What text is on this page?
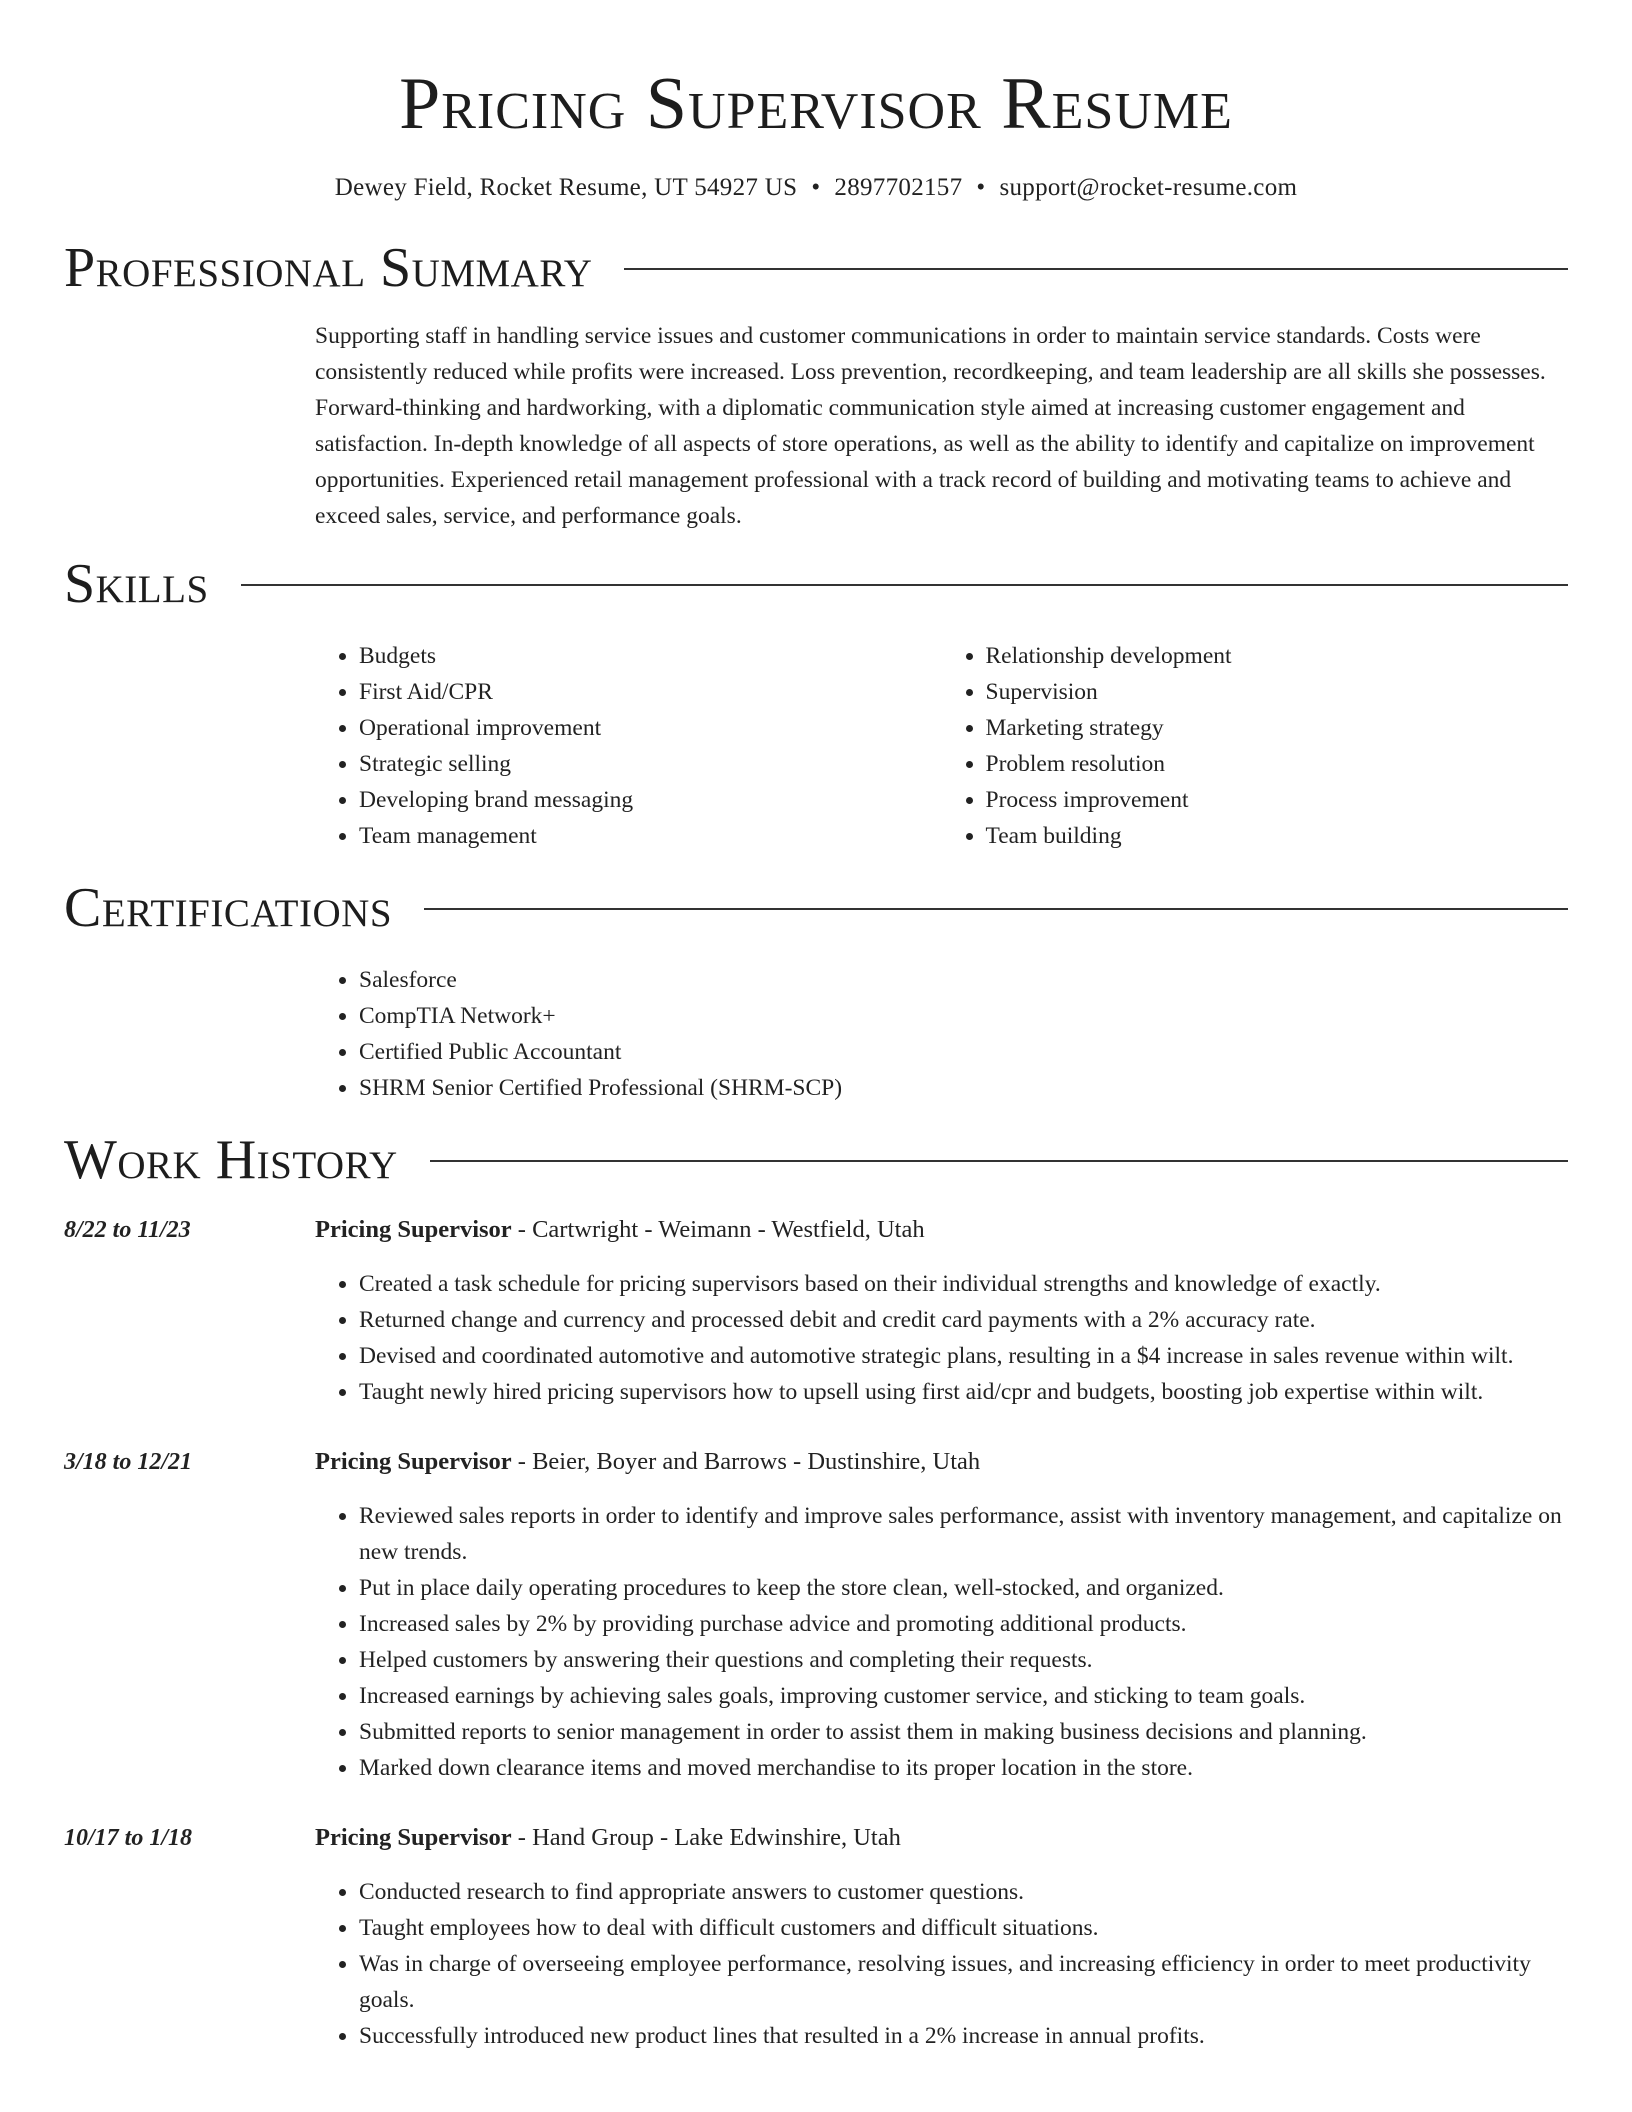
Pricing Supervisor Resume
Dewey Field, Rocket Resume, UT 54927 US • 2897702157 • support@rocket-resume.com
Professional Summary

Supporting staff in handling service issues and customer communications in order to maintain service standards. Costs were consistently reduced while profits were increased. Loss prevention, recordkeeping, and team leadership are all skills she possesses. Forward-thinking and hardworking, with a diplomatic communication style aimed at increasing customer engagement and satisfaction. In-depth knowledge of all aspects of store operations, as well as the ability to identify and capitalize on improvement opportunities. Experienced retail management professional with a track record of building and motivating teams to achieve and exceed sales, service, and performance goals.

Skills
• Budgets
• First Aid/CPR
• Operational improvement
• Strategic selling
• Developing brand messaging
• Team management
• Relationship development
• Supervision
• Marketing strategy
• Problem resolution
• Process improvement
• Team building
Certifications
• Salesforce
• CompTIA Network+
• Certified Public Accountant
• SHRM Senior Certified Professional (SHRM-SCP)
Work History
8/22 to 11/23	Pricing Supervisor - Cartwright - Weimann - Westfield, Utah
• Created a task schedule for pricing supervisors based on their individual strengths and knowledge of exactly.
• Returned change and currency and processed debit and credit card payments with a 2% accuracy rate.
• Devised and coordinated automotive and automotive strategic plans, resulting in a $4 increase in sales revenue within wilt.
• Taught newly hired pricing supervisors how to upsell using first aid/cpr and budgets, boosting job expertise within wilt.
3/18 to 12/21	Pricing Supervisor - Beier, Boyer and Barrows - Dustinshire, Utah
• Reviewed sales reports in order to identify and improve sales performance, assist with inventory management, and capitalize on new trends.
• Put in place daily operating procedures to keep the store clean, well-stocked, and organized.
• Increased sales by 2% by providing purchase advice and promoting additional products.
• Helped customers by answering their questions and completing their requests.
• Increased earnings by achieving sales goals, improving customer service, and sticking to team goals.
• Submitted reports to senior management in order to assist them in making business decisions and planning.
• Marked down clearance items and moved merchandise to its proper location in the store.
10/17 to 1/18	Pricing Supervisor - Hand Group - Lake Edwinshire, Utah
• Conducted research to find appropriate answers to customer questions.
• Taught employees how to deal with difficult customers and difficult situations.
• Was in charge of overseeing employee performance, resolving issues, and increasing efficiency in order to meet productivity goals.
• Successfully introduced new product lines that resulted in a 2% increase in annual profits.
